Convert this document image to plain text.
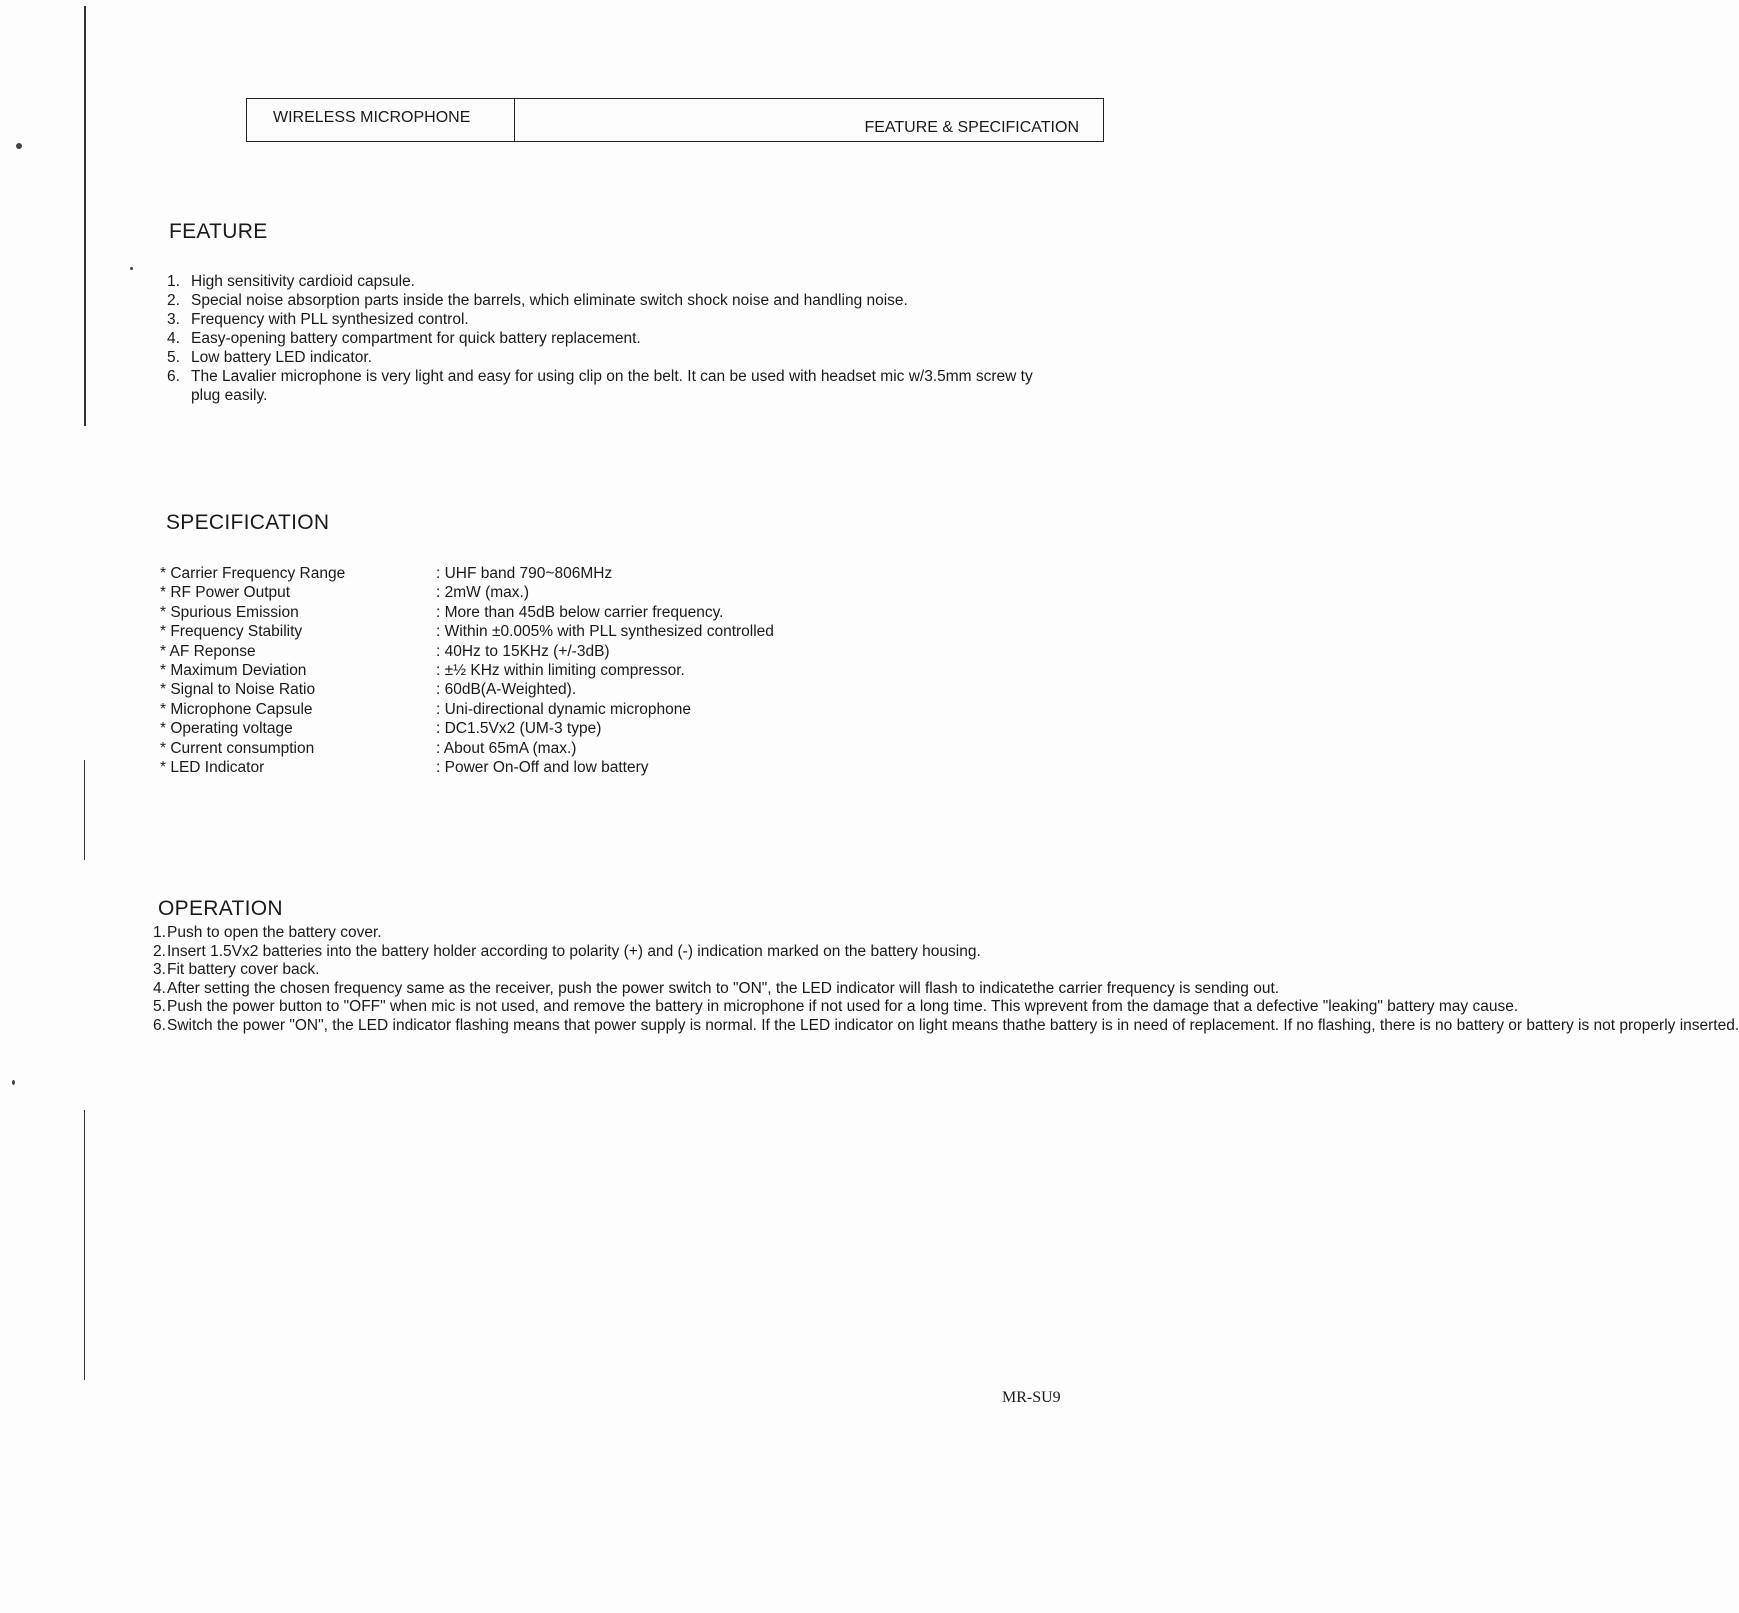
WIRELESS MICROPHONE
FEATURE & SPECIFICATION
FEATURE
1. High sensitivity cardioid capsule.
2. Special noise absorption parts inside the barrels, which eliminate switch shock noise and handling noise.
3. Frequency with PLL synthesized control.
4. Easy-opening battery compartment for quick battery replacement.
5. Low battery LED indicator.
6. The Lavalier microphone is very light and easy for using clip on the belt. It can be used with headset mic w/3.5mm screw ty
plug easily.
SPECIFICATION
* Carrier Frequency Range	: UHF band 790~806MHz
* RF Power Output	: 2mW (max.)
* Spurious Emission	: More than 45dB below carrier frequency.
* Frequency Stability	: Within ±0.005% with PLL synthesized controlled
* AF Reponse	: 40Hz to 15KHz (+/-3dB)
* Maximum Deviation	: ±½ KHz within limiting compressor.
* Signal to Noise Ratio	: 60dB(A-Weighted).
* Microphone Capsule	: Uni-directional dynamic microphone
* Operating voltage	: DC1.5Vx2 (UM-3 type)
* Current consumption	: About 65mA (max.)
* LED Indicator	: Power On-Off and low battery
OPERATION
1. Push to open the battery cover.
2. Insert 1.5Vx2 batteries into the battery holder according to polarity (+) and (-) indication marked on the battery housing.
3. Fit battery cover back.
4. After setting the chosen frequency same as the receiver, push the power switch to "ON", the LED indicator will flash to indicatethe carrier frequency is sending out.
5. Push the power button to "OFF" when mic is not used, and remove the battery in microphone if not used for a long time. This wprevent from the damage that a defective "leaking" battery may cause.
6. Switch the power "ON", the LED indicator flashing means that power supply is normal. If the LED indicator on light means thathe battery is in need of replacement. If no flashing, there is no battery or battery is not properly inserted.
MR-SU9
